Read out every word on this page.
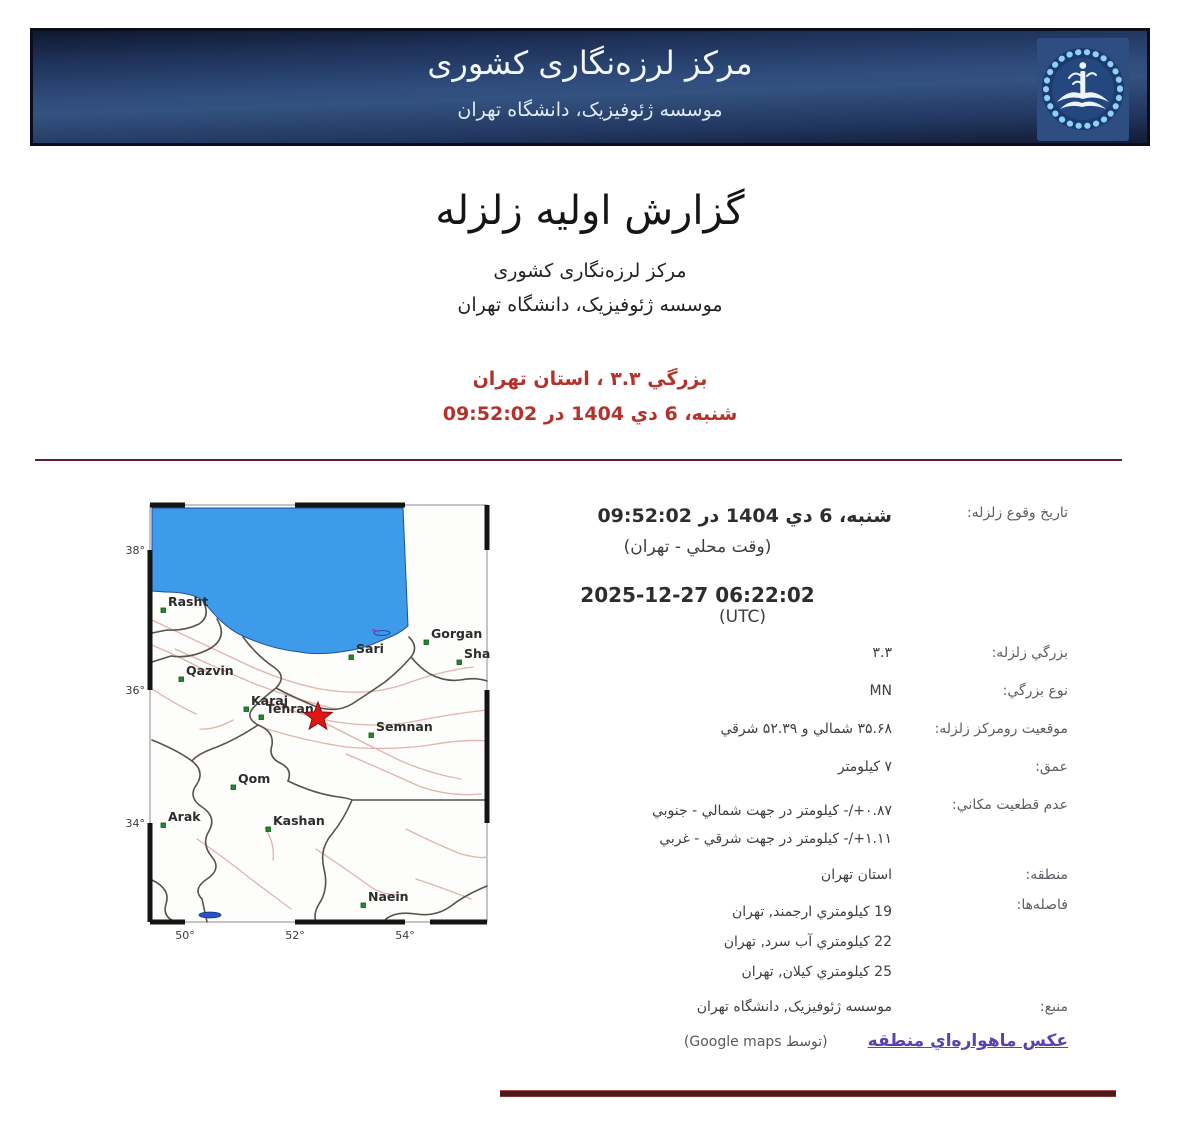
مرکز لرزه‌نگاری کشوری
موسسه ژئوفیزیک، دانشگاه تهران
گزارش اولیه زلزله
مرکز لرزه‌نگاری کشوری
موسسه ژئوفیزیک، دانشگاه تهران
بزرگي ۳.۳ ، استان تهران
شنبه، 6 دي 1404 در 09:52:02
Rasht
Sari
Gorgan
Sha
Qazvin
Karaj
Tehran
Semnan
Qom
Arak	Kashan
Naein
38°
36°
34°
50°	52°	54°
تاریخ وقوع زلزله:
شنبه، 6 دي 1404 در 09:52:02
(وقت محلي - تهران)
2025-12-27 06:22:02
(UTC)
بزرگي زلزله:
۳.۳
نوع بزرگي:
MN
موقعیت رومرکز زلزله:
۳۵.۶۸ شمالي و ۵۲.۳۹ شرقي
عمق:
۷ کیلومتر
عدم قطعیت مکاني:
⁦-/+۰.۸۷⁩ کیلومتر در جهت شمالي - جنوبي
⁦-/+۱.۱۱⁩ کیلومتر در جهت شرقي - غربي
منطقه:
استان تهران
فاصله‌ها:
19 کیلومتري ارجمند, تهران
22 کیلومتري آب سرد, تهران
25 کیلومتري کیلان, تهران
منبع:
موسسه ژئوفیزیک, دانشگاه تهران
عکس ماهواره‌اي منطقه
(توسط Google maps)
